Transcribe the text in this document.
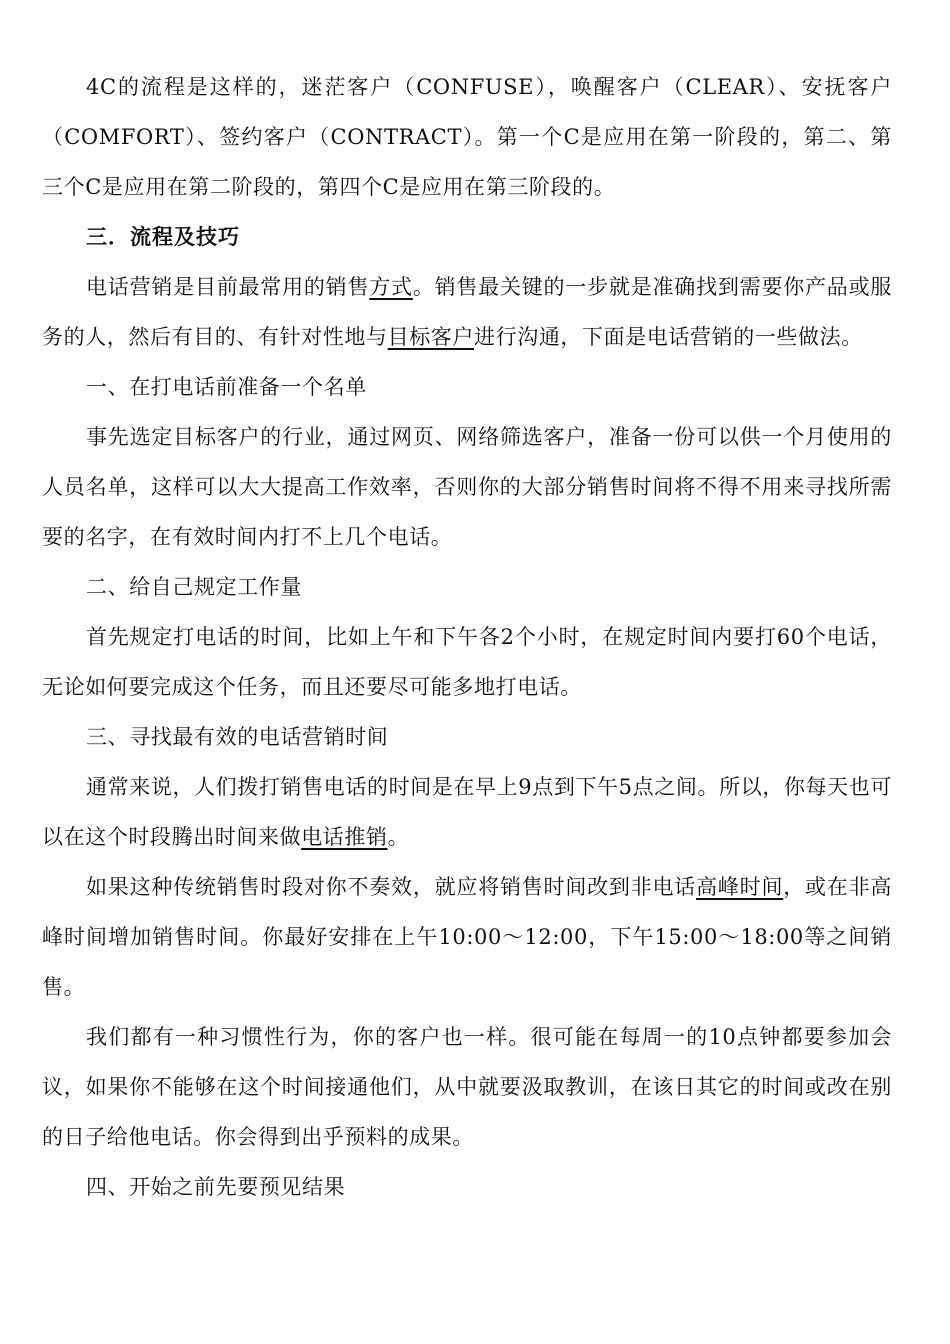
4C的流程是这样的，迷茫客户（CONFUSE），唤醒客户（CLEAR）、安抚客户（COMFORT）、签约客户（CONTRACT）。第一个C是应用在第一阶段的，第二、第三个C是应用在第二阶段的，第四个C是应用在第三阶段的。

三．流程及技巧

电话营销是目前最常用的销售方式。销售最关键的一步就是准确找到需要你产品或服务的人，然后有目的、有针对性地与目标客户进行沟通，下面是电话营销的一些做法。

一、在打电话前准备一个名单

事先选定目标客户的行业，通过网页、网络筛选客户，准备一份可以供一个月使用的人员名单，这样可以大大提高工作效率，否则你的大部分销售时间将不得不用来寻找所需要的名字，在有效时间内打不上几个电话。

二、给自己规定工作量

首先规定打电话的时间，比如上午和下午各2个小时，在规定时间内要打60个电话，无论如何要完成这个任务，而且还要尽可能多地打电话。

三、寻找最有效的电话营销时间

通常来说，人们拨打销售电话的时间是在早上9点到下午5点之间。所以，你每天也可以在这个时段腾出时间来做电话推销。

如果这种传统销售时段对你不奏效，就应将销售时间改到非电话高峰时间，或在非高峰时间增加销售时间。你最好安排在上午10:00～12:00，下午15:00～18:00等之间销售。

我们都有一种习惯性行为，你的客户也一样。很可能在每周一的10点钟都要参加会议，如果你不能够在这个时间接通他们，从中就要汲取教训，在该日其它的时间或改在别的日子给他电话。你会得到出乎预料的成果。

四、开始之前先要预见结果
